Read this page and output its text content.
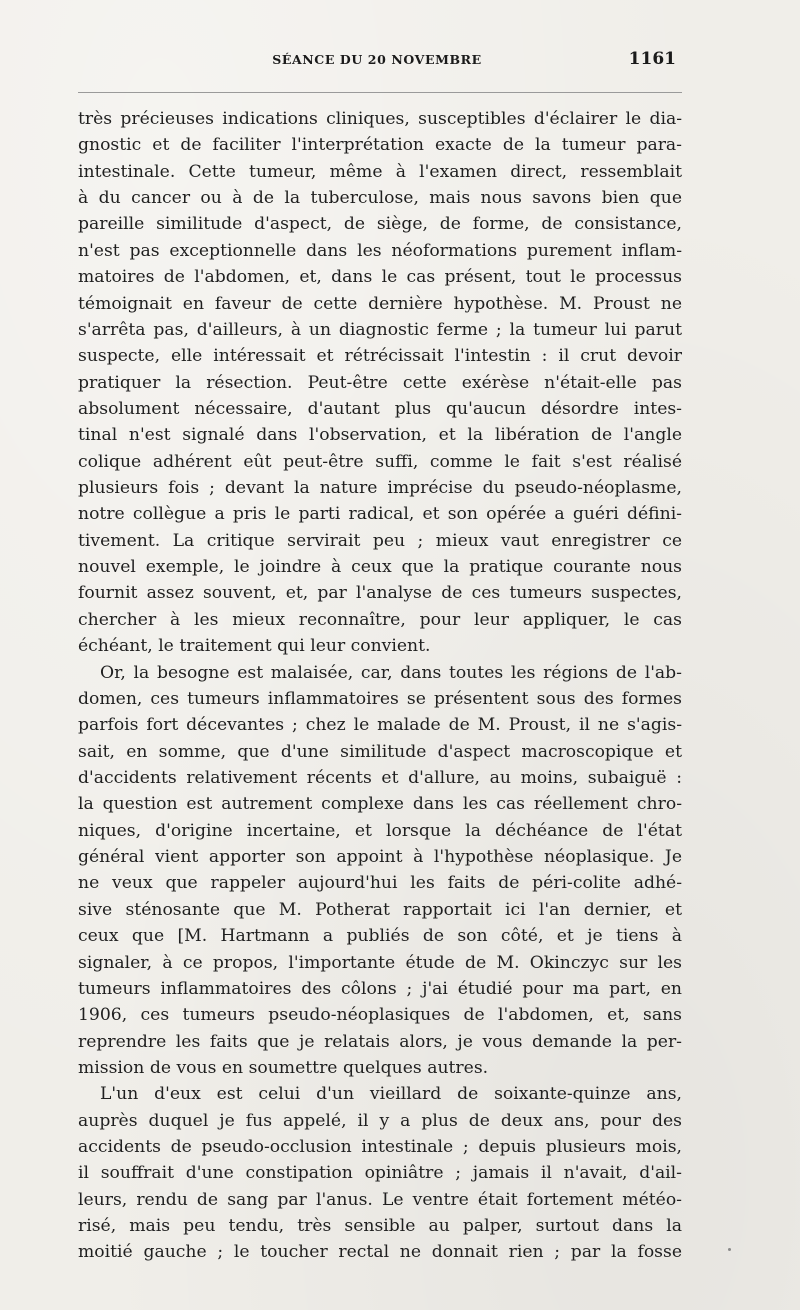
SÉANCE DU 20 NOVEMBRE	1161
très précieuses indications cliniques, susceptibles d'éclairer le dia-
gnostic et de faciliter l'interprétation exacte de la tumeur para-
intestinale. Cette tumeur, même à l'examen direct, ressemblait
à du cancer ou à de la tuberculose, mais nous savons bien que
pareille similitude d'aspect, de siège, de forme, de consistance,
n'est pas exceptionnelle dans les néoformations purement inflam-
matoires de l'abdomen, et, dans le cas présent, tout le processus
témoignait en faveur de cette dernière hypothèse. M. Proust ne
s'arrêta pas, d'ailleurs, à un diagnostic ferme ; la tumeur lui parut
suspecte, elle intéressait et rétrécissait l'intestin : il crut devoir
pratiquer la résection. Peut-être cette exérèse n'était-elle pas
absolument nécessaire, d'autant plus qu'aucun désordre intes-
tinal n'est signalé dans l'observation, et la libération de l'angle
colique adhérent eût peut-être suffi, comme le fait s'est réalisé
plusieurs fois ; devant la nature imprécise du pseudo-néoplasme,
notre collègue a pris le parti radical, et son opérée a guéri défini-
tivement. La critique servirait peu ; mieux vaut enregistrer ce
nouvel exemple, le joindre à ceux que la pratique courante nous
fournit assez souvent, et, par l'analyse de ces tumeurs suspectes,
chercher à les mieux reconnaître, pour leur appliquer, le cas
échéant, le traitement qui leur convient.
Or, la besogne est malaisée, car, dans toutes les régions de l'ab-
domen, ces tumeurs inflammatoires se présentent sous des formes
parfois fort décevantes ; chez le malade de M. Proust, il ne s'agis-
sait, en somme, que d'une similitude d'aspect macroscopique et
d'accidents relativement récents et d'allure, au moins, subaiguë :
la question est autrement complexe dans les cas réellement chro-
niques, d'origine incertaine, et lorsque la déchéance de l'état
général vient apporter son appoint à l'hypothèse néoplasique. Je
ne veux que rappeler aujourd'hui les faits de péri-colite adhé-
sive sténosante que M. Potherat rapportait ici l'an dernier, et
ceux que [M. Hartmann a publiés de son côté, et je tiens à
signaler, à ce propos, l'importante étude de M. Okinczyc sur les
tumeurs inflammatoires des côlons ; j'ai étudié pour ma part, en
1906, ces tumeurs pseudo-néoplasiques de l'abdomen, et, sans
reprendre les faits que je relatais alors, je vous demande la per-
mission de vous en soumettre quelques autres.
L'un d'eux est celui d'un vieillard de soixante-quinze ans,
auprès duquel je fus appelé, il y a plus de deux ans, pour des
accidents de pseudo-occlusion intestinale ; depuis plusieurs mois,
il souffrait d'une constipation opiniâtre ; jamais il n'avait, d'ail-
leurs, rendu de sang par l'anus. Le ventre était fortement météo-
risé, mais peu tendu, très sensible au palper, surtout dans la
moitié gauche ; le toucher rectal ne donnait rien ; par la fosse
